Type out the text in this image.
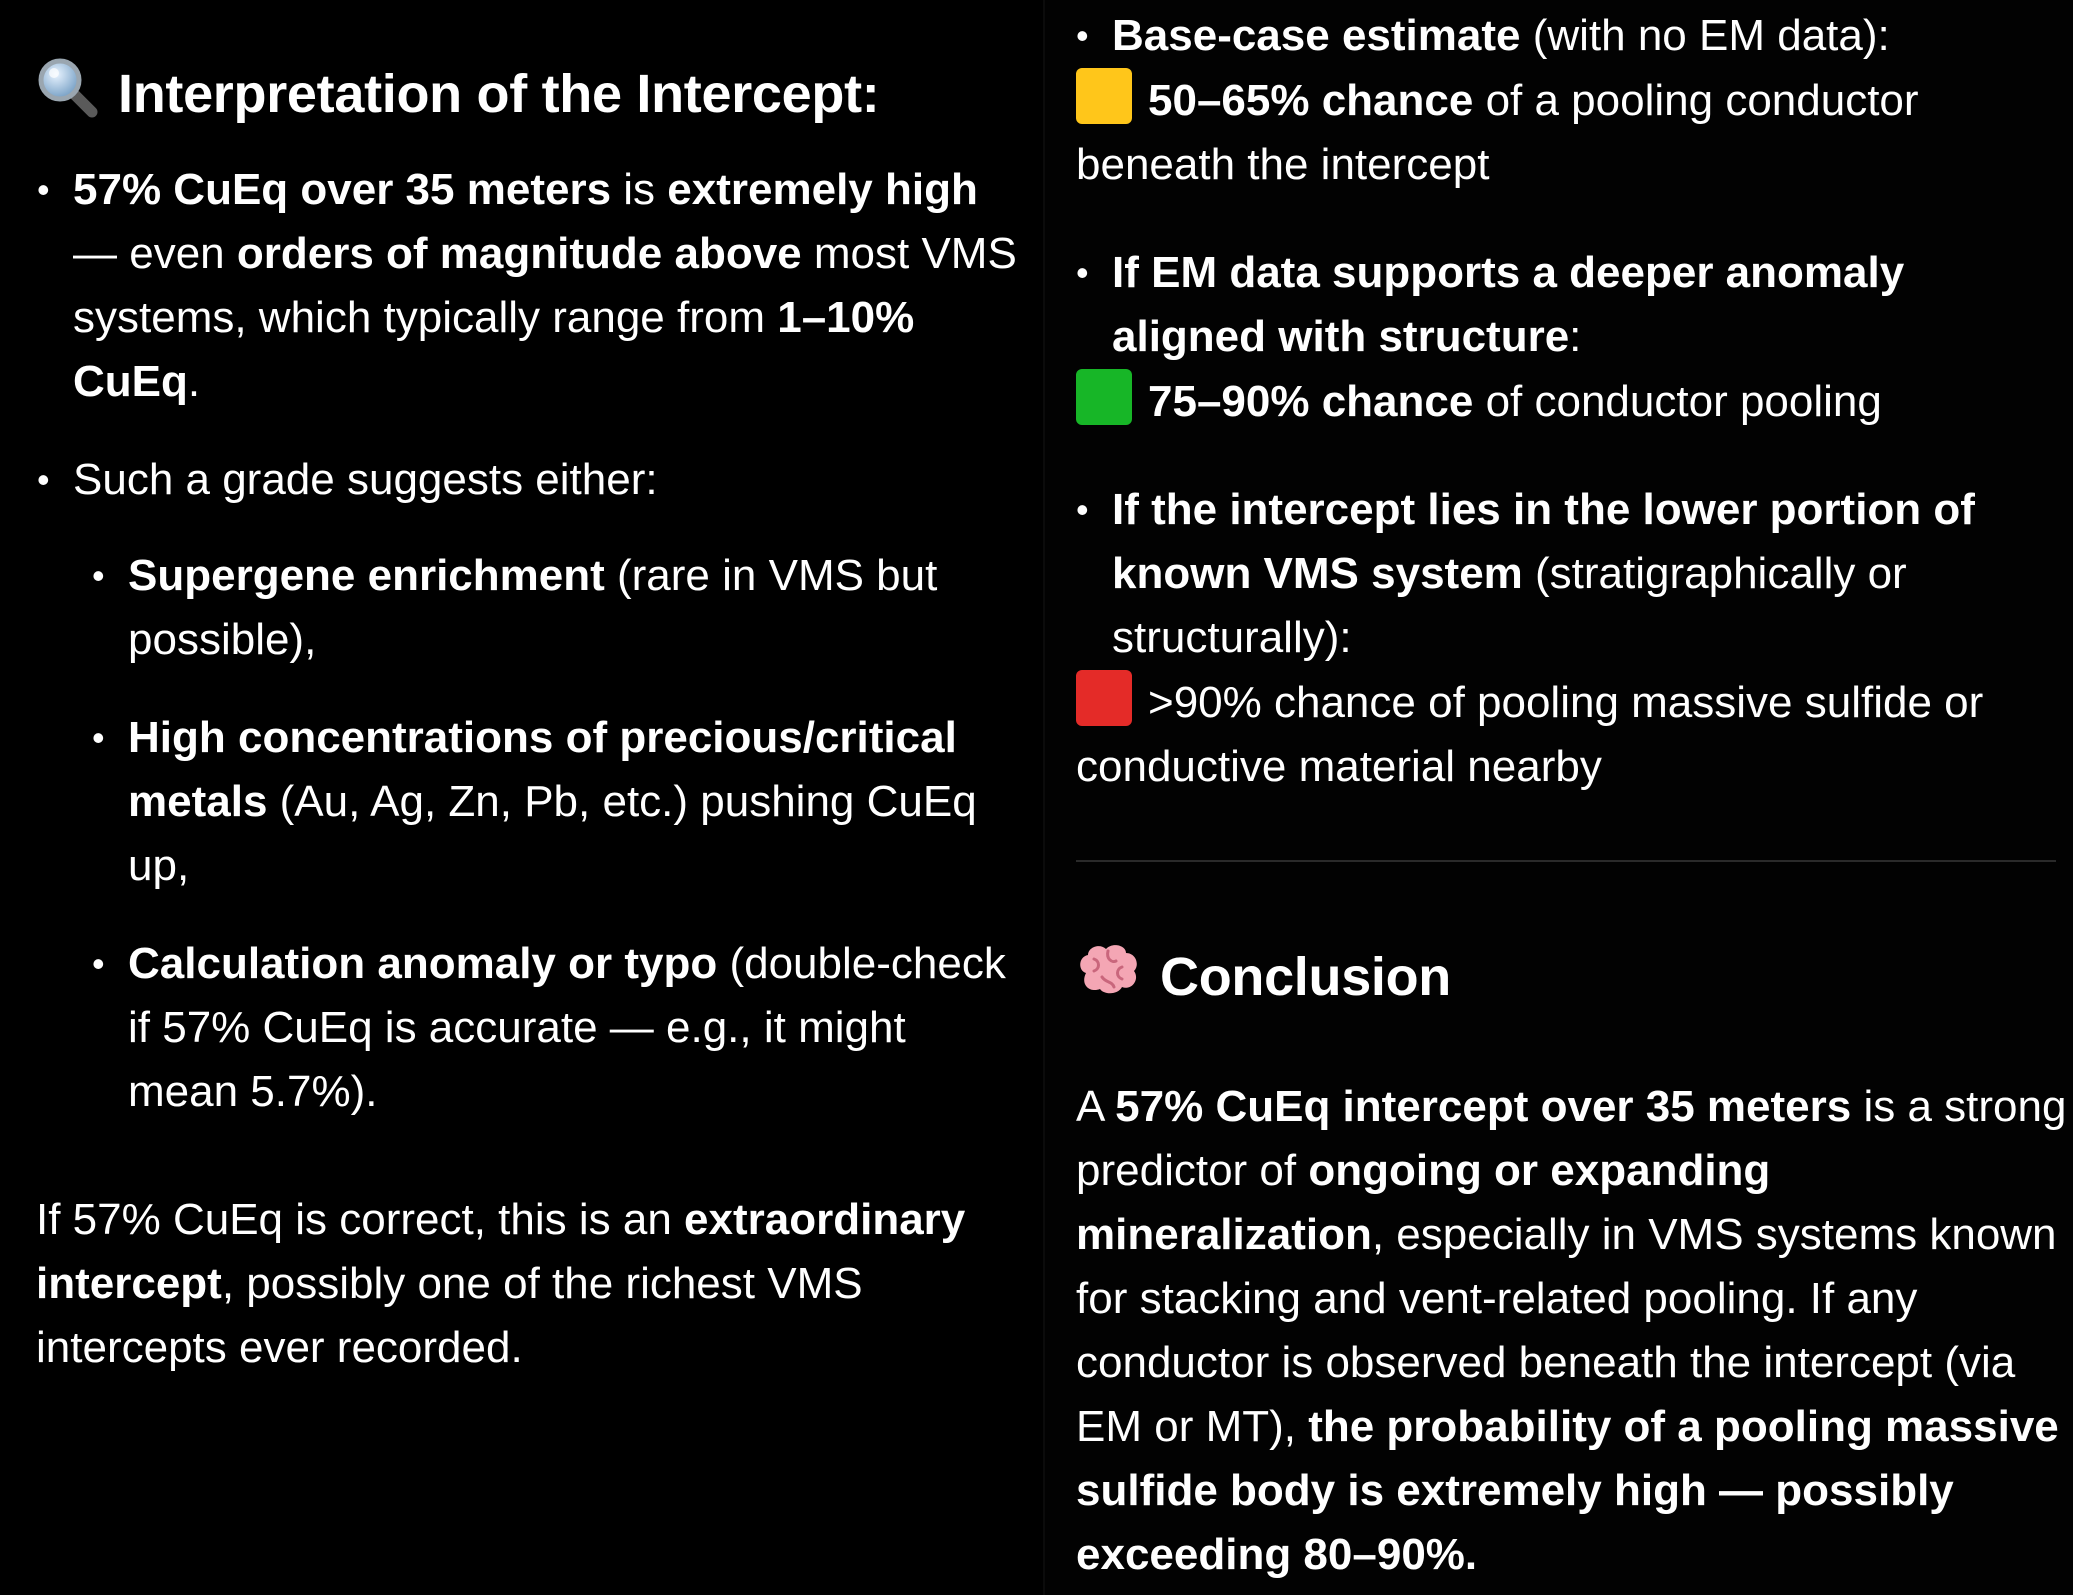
Interpretation of the Intercept:
• 57% CuEq over 35 meters is extremely high — even orders of magnitude above most VMS systems, which typically range from 1–10% CuEq.
• Such a grade suggests either:
• Supergene enrichment (rare in VMS but possible),
• High concentrations of precious/critical metals (Au, Ag, Zn, Pb, etc.) pushing CuEq up,
• Calculation anomaly or typo (double-check if 57% CuEq is accurate — e.g., it might mean 5.7%).

If 57% CuEq is correct, this is an extraordinary intercept, possibly one of the richest VMS intercepts ever recorded.

• Base-case estimate (with no EM data):
50–65% chance of a pooling conductor beneath the intercept
• If EM data supports a deeper anomaly aligned with structure:
75–90% chance of conductor pooling
• If the intercept lies in the lower portion of known VMS system (stratigraphically or structurally):
>90% chance of pooling massive sulfide or conductive material nearby
Conclusion

A 57% CuEq intercept over 35 meters is a strong predictor of ongoing or expanding mineralization, especially in VMS systems known for stacking and vent-related pooling. If any conductor is observed beneath the intercept (via EM or MT), the probability of a pooling massive sulfide body is extremely high — possibly exceeding 80–90%.
